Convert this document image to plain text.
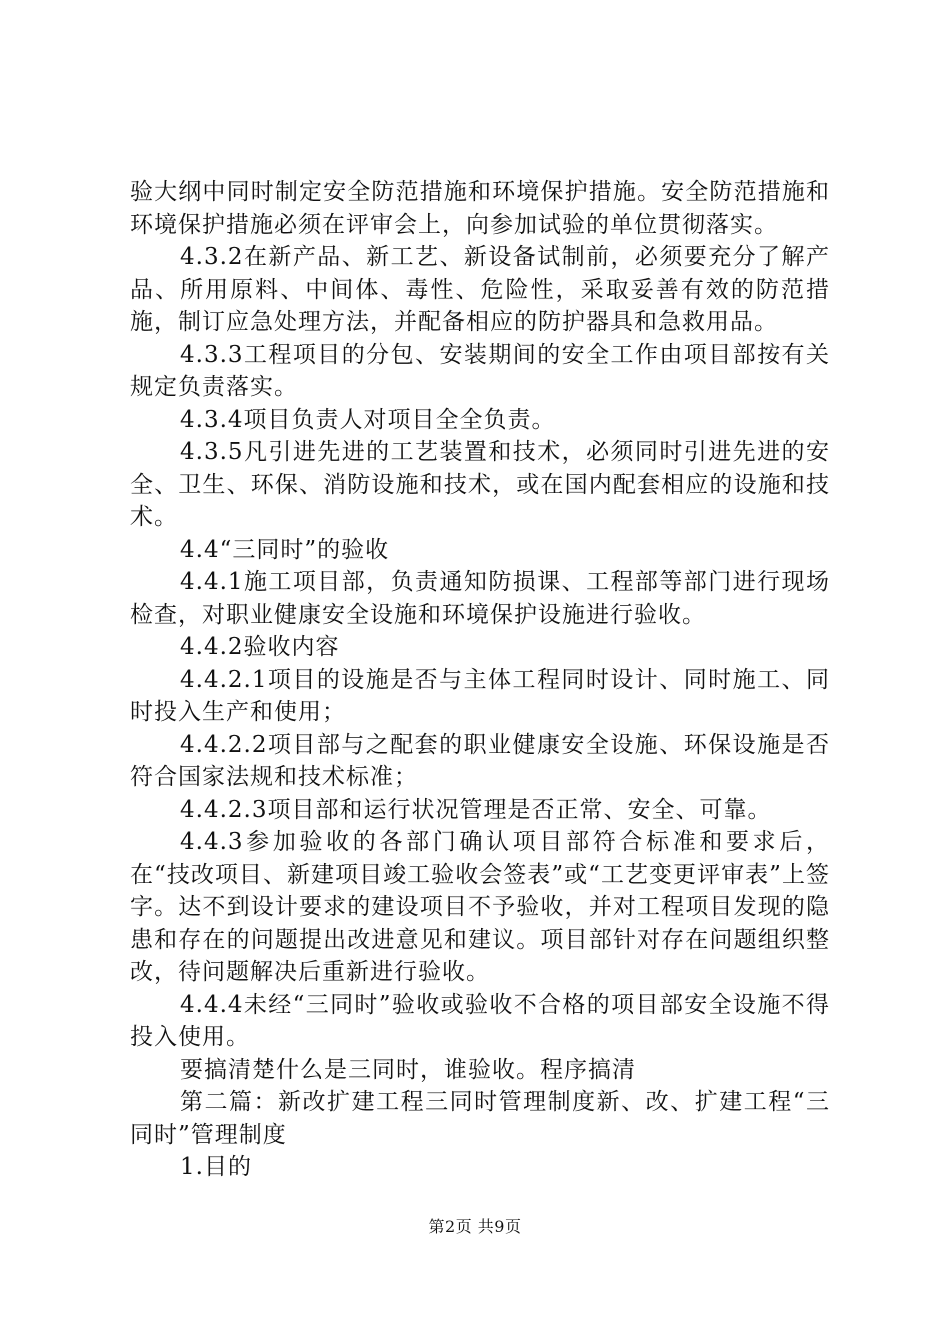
验大纲中同时制定安全防范措施和环境保护措施。安全防范措施和环境保护措施必须在评审会上，向参加试验的单位贯彻落实。

4.3.2在新产品、新工艺、新设备试制前，必须要充分了解产品、所用原料、中间体、毒性、危险性，采取妥善有效的防范措施，制订应急处理方法，并配备相应的防护器具和急救用品。

4.3.3工程项目的分包、安装期间的安全工作由项目部按有关规定负责落实。

4.3.4项目负责人对项目全全负责。

4.3.5凡引进先进的工艺装置和技术，必须同时引进先进的安全、卫生、环保、消防设施和技术，或在国内配套相应的设施和技术。

4.4“三同时”的验收

4.4.1施工项目部，负责通知防损课、工程部等部门进行现场检查，对职业健康安全设施和环境保护设施进行验收。

4.4.2验收内容

4.4.2.1项目的设施是否与主体工程同时设计、同时施工、同时投入生产和使用；

4.4.2.2项目部与之配套的职业健康安全设施、环保设施是否符合国家法规和技术标准；

4.4.2.3项目部和运行状况管理是否正常、安全、可靠。

4.4.3参加验收的各部门确认项目部符合标准和要求后，在“技改项目、新建项目竣工验收会签表”或“工艺变更评审表”上签字。达不到设计要求的建设项目不予验收，并对工程项目发现的隐患和存在的问题提出改进意见和建议。项目部针对存在问题组织整改，待问题解决后重新进行验收。

4.4.4未经“三同时”验收或验收不合格的项目部安全设施不得投入使用。

要搞清楚什么是三同时，谁验收。程序搞清

第二篇：新改扩建工程三同时管理制度新、改、扩建工程“三同时”管理制度

1.目的

第2页 共9页
